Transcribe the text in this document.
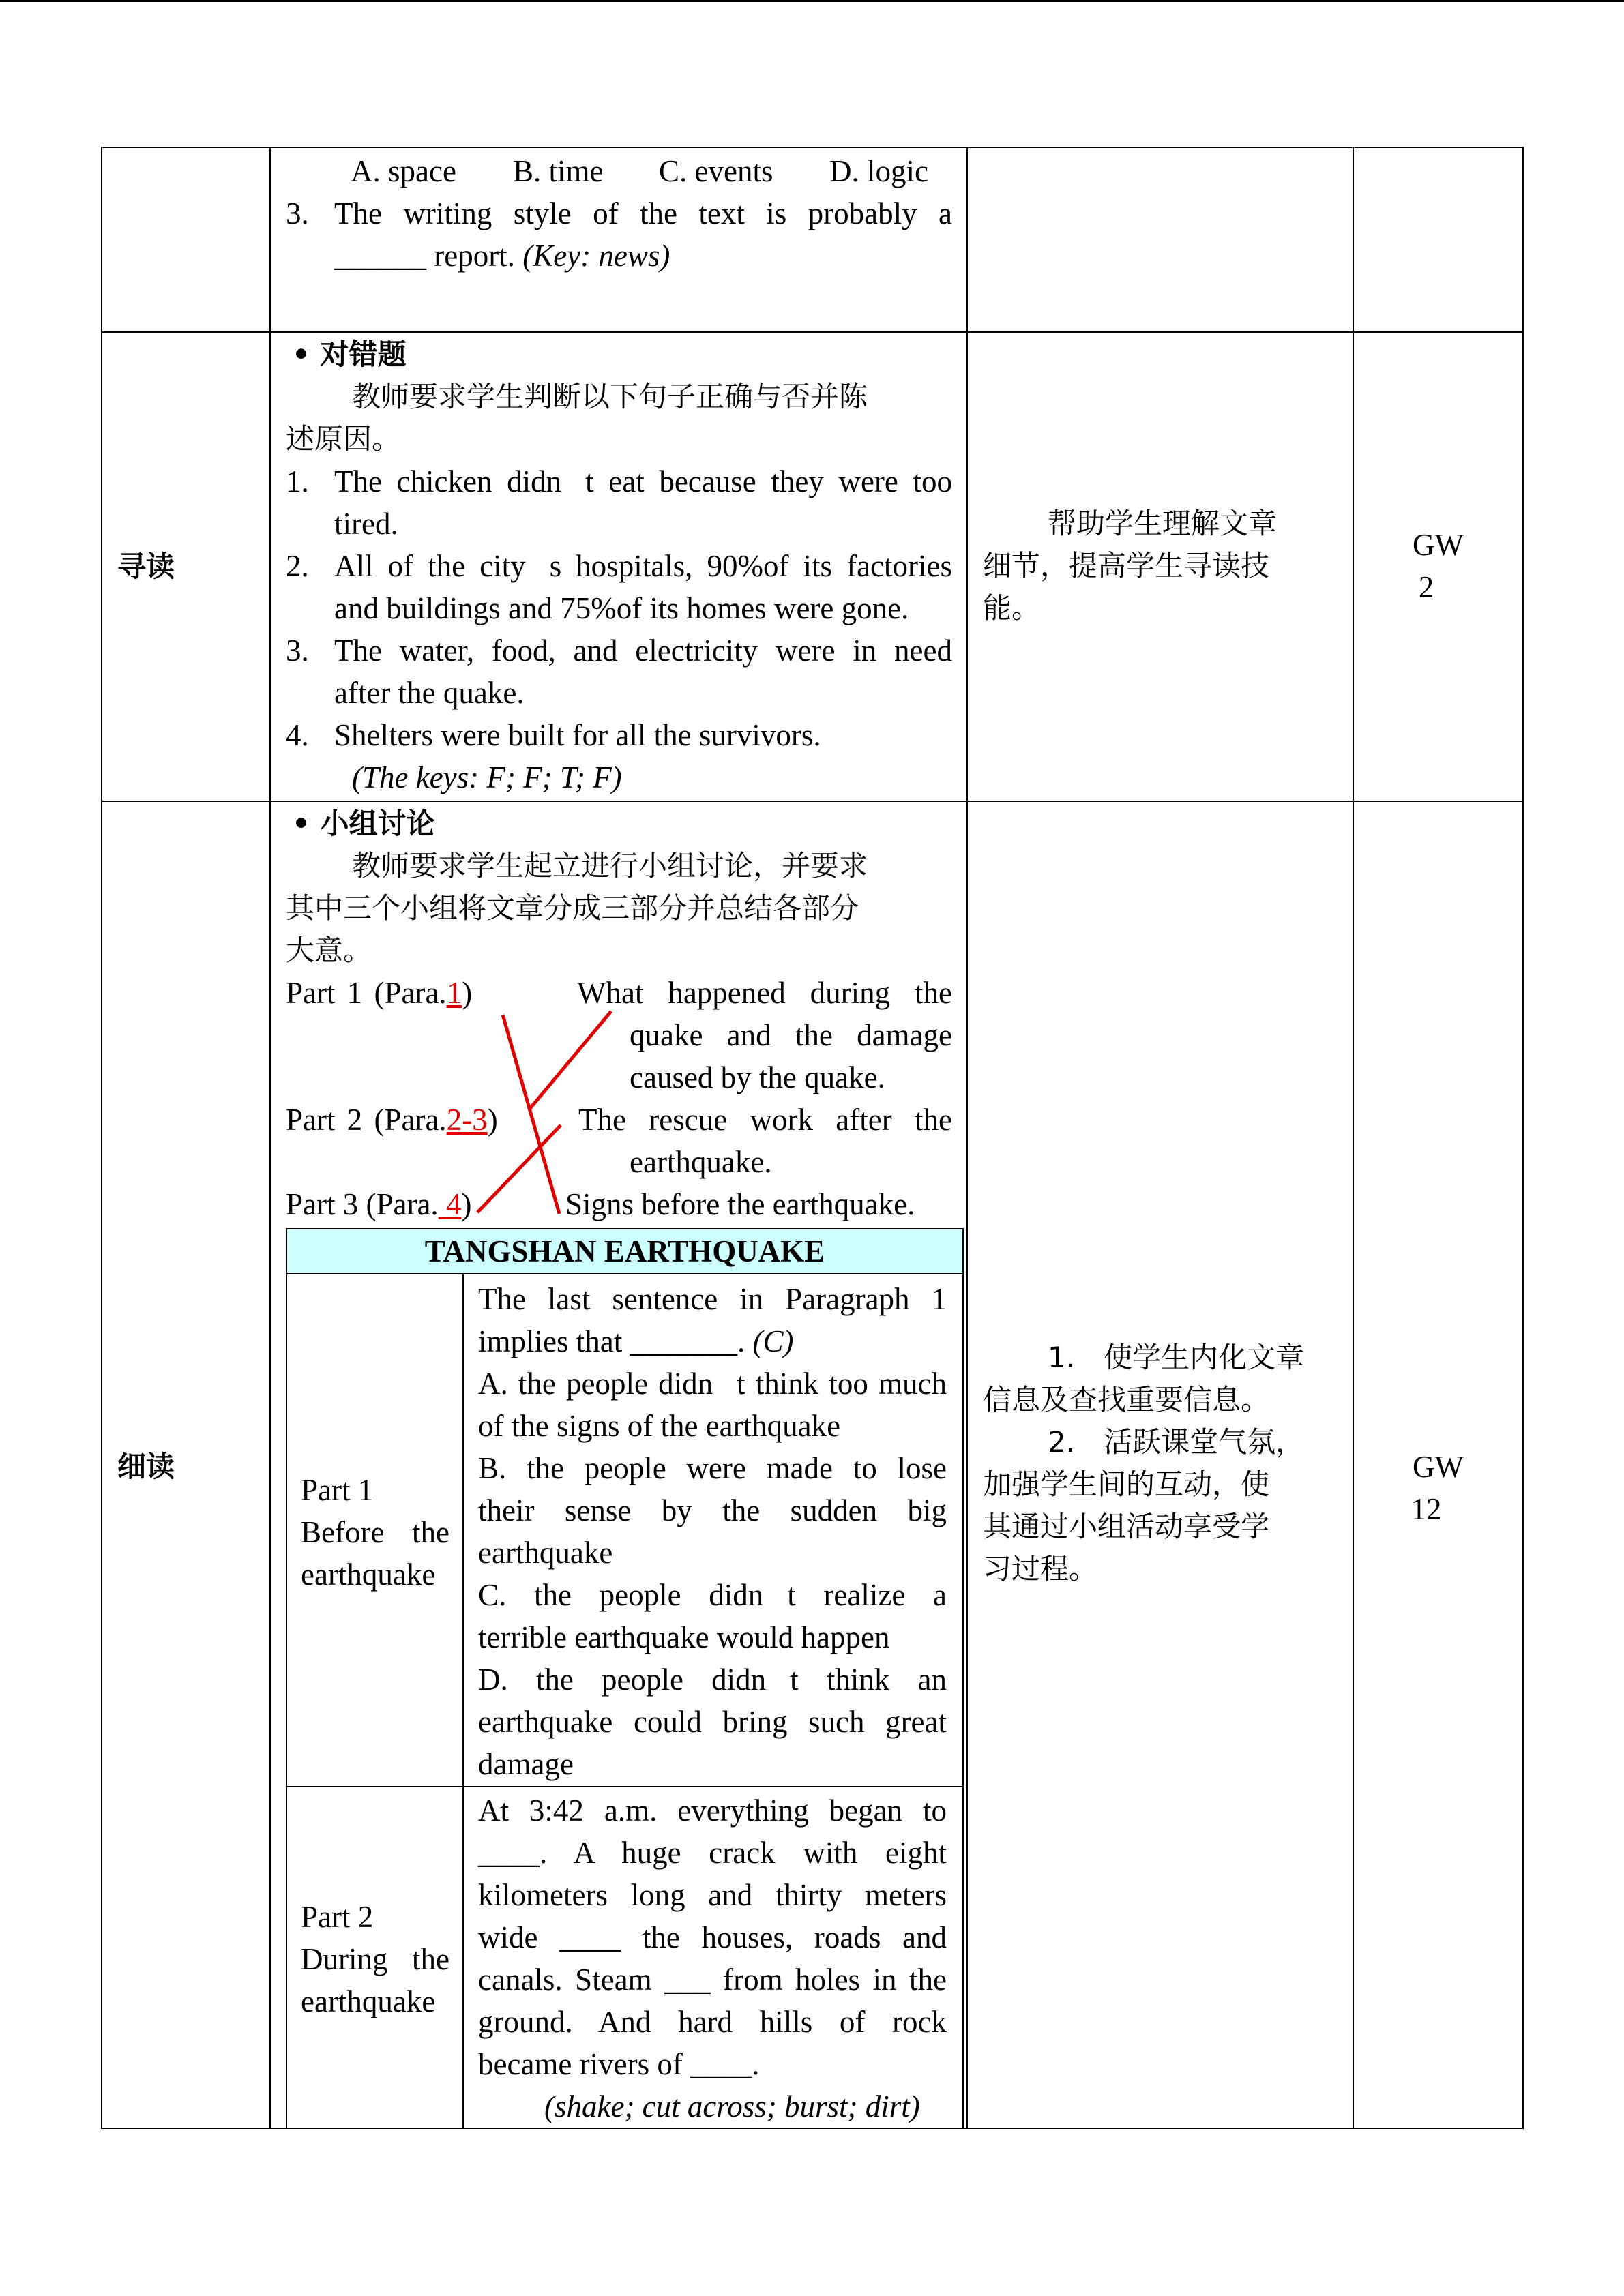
A. space B. time C. events D. logic
3. The writing style of the text is probably a
______ report. (Key: news)
寻读
• 对错题
教师要求学生判断以下句子正确与否并陈
述原因。
1. The chicken didn t eat because they were too
tired.
2. All of the city s hospitals, 90%of its factories
and buildings and 75%of its homes were gone.
3. The water, food, and electricity were in need
after the quake.
4. Shelters were built for all the survivors.
(The keys: F; F; T; F)
帮助学生理解文章
细节，提高学生寻读技
能。
GW
2 
细读
• 小组讨论
教师要求学生起立进行小组讨论，并要求
其中三个小组将文章分成三部分并总结各部分
大意。
Part 1 (Para.1)
Part 2 (Para.2-3)
Part 3 (Para. 4)
What happened during the
quake and the damage
caused by the quake.
The rescue work after the
earthquake.
Signs before the earthquake.
TANGSHAN EARTHQUAKE
Part 1
Before the
earthquake
The last sentence in Paragraph 1
implies that _______. (C)
A. the people didn t think too much
of the signs of the earthquake
B. the people were made to lose
their sense by the sudden big
earthquake
C. the people didn t realize a
terrible earthquake would happen
D. the people didn t think an
earthquake could bring such great
damage
Part 2
During the
earthquake
At 3:42 a.m. everything began to
____. A huge crack with eight
kilometers long and thirty meters
wide ____ the houses, roads and
canals. Steam ___ from holes in the
ground. And hard hills of rock
became rivers of ____.
(shake; cut across; burst; dirt)
1.　使学生内化文章
信息及查找重要信息。
2.　活跃课堂气氛，
加强学生间的互动，使
其通过小组活动享受学
习过程。
GW
12 
